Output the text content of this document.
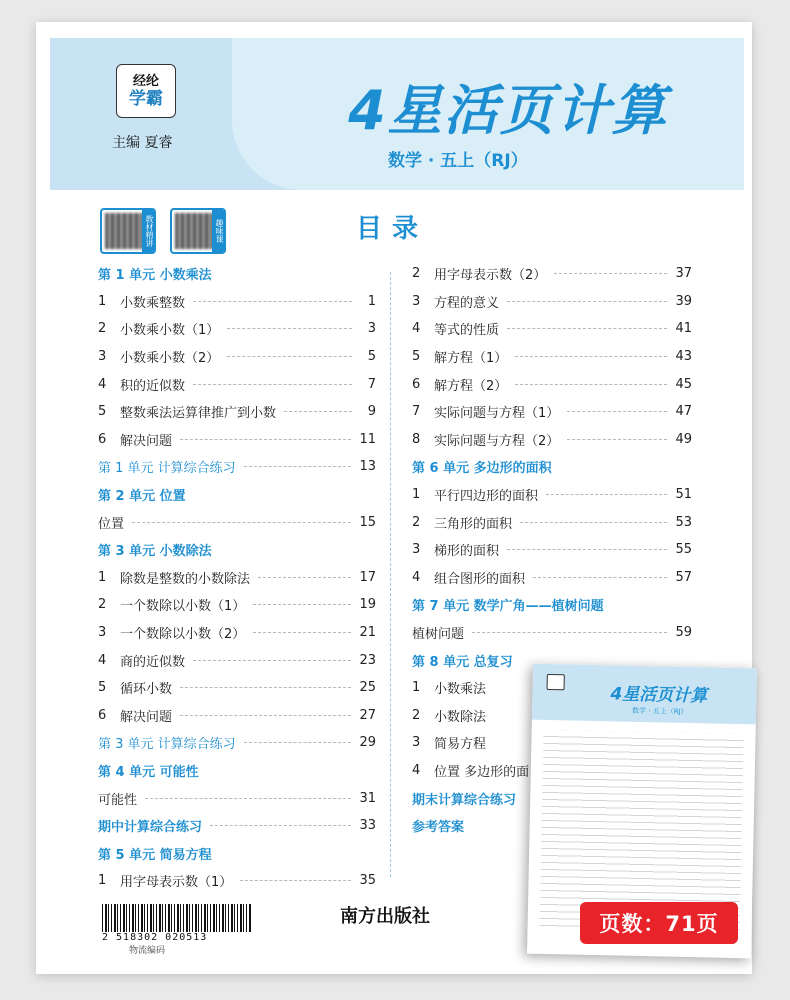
经纶
学霸
主编 夏睿
4星活页计算
数学 · 五上（RJ）
教材精讲	趣味课	目录
第 1 单元 小数乘法
1	小数乘整数	1
2	小数乘小数（1）	3
3	小数乘小数（2）	5
4	积的近似数	7
5	整数乘法运算律推广到小数	9
6	解决问题	11
第 1 单元 计算综合练习	13
第 2 单元 位置
位置	15
第 3 单元 小数除法
1	除数是整数的小数除法	17
2	一个数除以小数（1）	19
3	一个数除以小数（2）	21
4	商的近似数	23
5	循环小数	25
6	解决问题	27
第 3 单元 计算综合练习	29
第 4 单元 可能性
可能性	31
期中计算综合练习	33
第 5 单元 简易方程
1	用字母表示数（1）	35
2	用字母表示数（2）	37
3	方程的意义	39
4	等式的性质	41
5	解方程（1）	43
6	解方程（2）	45
7	实际问题与方程（1）	47
8	实际问题与方程（2）	49
第 6 单元 多边形的面积
1	平行四边形的面积	51
2	三角形的面积	53
3	梯形的面积	55
4	组合图形的面积	57
第 7 单元 数学广角——植树问题
植树问题	59
第 8 单元 总复习
1	小数乘法
2	小数除法
3	简易方程
4	位置 多边形的面
期末计算综合练习
参考答案
2 518302 020513
物流编码
南方出版社
4星活页计算
数学 · 五上（RJ）
页数：71页
